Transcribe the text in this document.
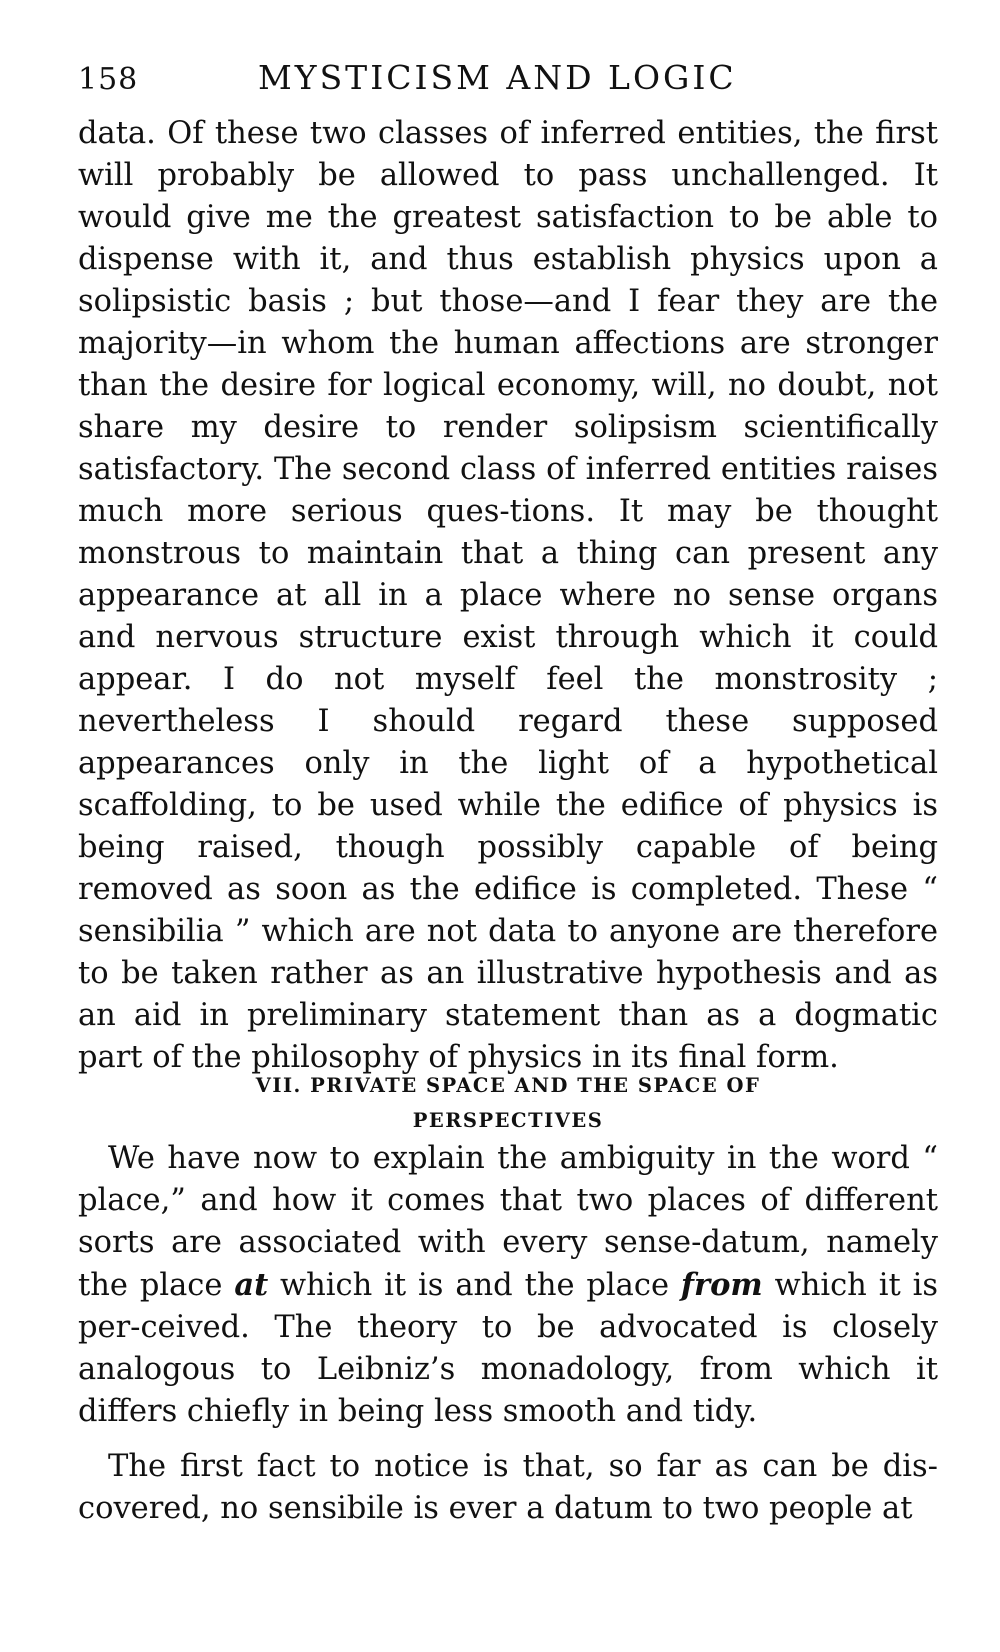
158	MYSTICISM AND LOGIC
data. Of these two classes of inferred entities, the first will probably be allowed to pass unchallenged. It would give me the greatest satisfaction to be able to dispense with it, and thus establish physics upon a solipsistic basis ; but those—and I fear they are the majority—in whom the human affections are stronger than the desire for logical economy, will, no doubt, not share my desire to render solipsism scientifically satisfactory. The second class of inferred entities raises much more serious ques-tions. It may be thought monstrous to maintain that a thing can present any appearance at all in a place where no sense organs and nervous structure exist through which it could appear. I do not myself feel the monstrosity ; nevertheless I should regard these supposed appearances only in the light of a hypothetical scaffolding, to be used while the edifice of physics is being raised, though possibly capable of being removed as soon as the edifice is completed. These “ sensibilia ” which are not data to anyone are therefore to be taken rather as an illustrative hypothesis and as an aid in preliminary statement than as a dogmatic part of the philosophy of physics in its final form.
VII. PRIVATE SPACE AND THE SPACE OF
PERSPECTIVES
We have now to explain the ambiguity in the word “ place,” and how it comes that two places of different sorts are associated with every sense-datum, namely the place at which it is and the place from which it is per-ceived. The theory to be advocated is closely analogous to Leibniz’s monadology, from which it differs chiefly in being less smooth and tidy.
The first fact to notice is that, so far as can be dis-covered, no sensibile is ever a datum to two people at
